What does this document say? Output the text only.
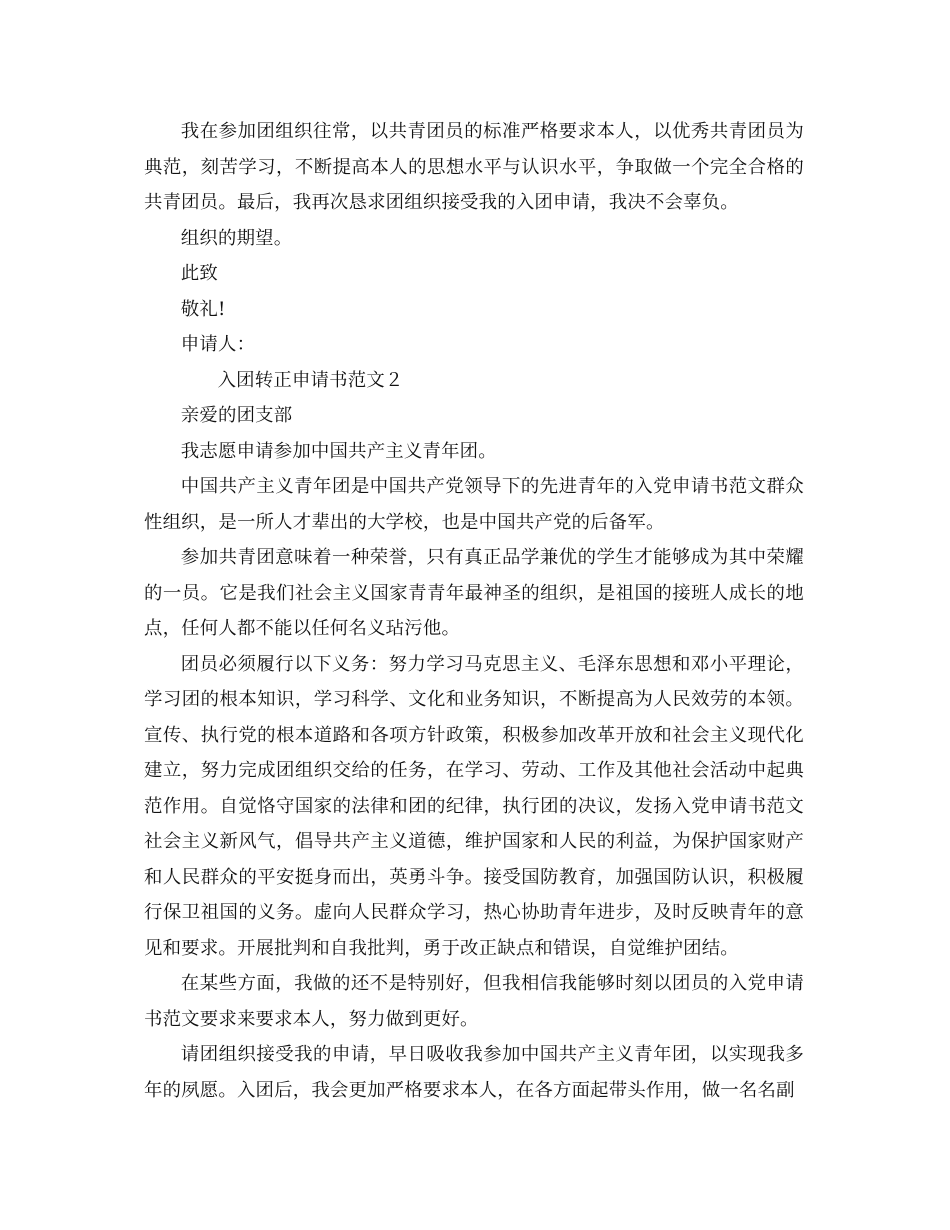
我在参加团组织往常，以共青团员的标准严格要求本人，以优秀共青团员为典范，刻苦学习，不断提高本人的思想水平与认识水平，争取做一个完全合格的共青团员。最后，我再次恳求团组织接受我的入团申请，我决不会辜负。

组织的期望。

此致

敬礼!

申请人：

入团转正申请书范文２

亲爱的团支部

我志愿申请参加中国共产主义青年团。

中国共产主义青年团是中国共产党领导下的先进青年的入党申请书范文群众性组织，是一所人才辈出的大学校，也是中国共产党的后备军。

参加共青团意味着一种荣誉，只有真正品学兼优的学生才能够成为其中荣耀的一员。它是我们社会主义国家青青年最神圣的组织，是祖国的接班人成长的地点，任何人都不能以任何名义玷污他。

团员必须履行以下义务：努力学习马克思主义、毛泽东思想和邓小平理论，学习团的根本知识，学习科学、文化和业务知识，不断提高为人民效劳的本领。宣传、执行党的根本道路和各项方针政策，积极参加改革开放和社会主义现代化建立，努力完成团组织交给的任务，在学习、劳动、工作及其他社会活动中起典范作用。自觉恪守国家的法律和团的纪律，执行团的决议，发扬入党申请书范文社会主义新风气，倡导共产主义道德，维护国家和人民的利益，为保护国家财产和人民群众的平安挺身而出，英勇斗争。接受国防教育，加强国防认识，积极履行保卫祖国的义务。虚向人民群众学习，热心协助青年进步，及时反映青年的意见和要求。开展批判和自我批判，勇于改正缺点和错误，自觉维护团结。

在某些方面，我做的还不是特别好，但我相信我能够时刻以团员的入党申请书范文要求来要求本人，努力做到更好。

请团组织接受我的申请，早日吸收我参加中国共产主义青年团，以实现我多年的夙愿。入团后，我会更加严格要求本人，在各方面起带头作用，做一名名副
